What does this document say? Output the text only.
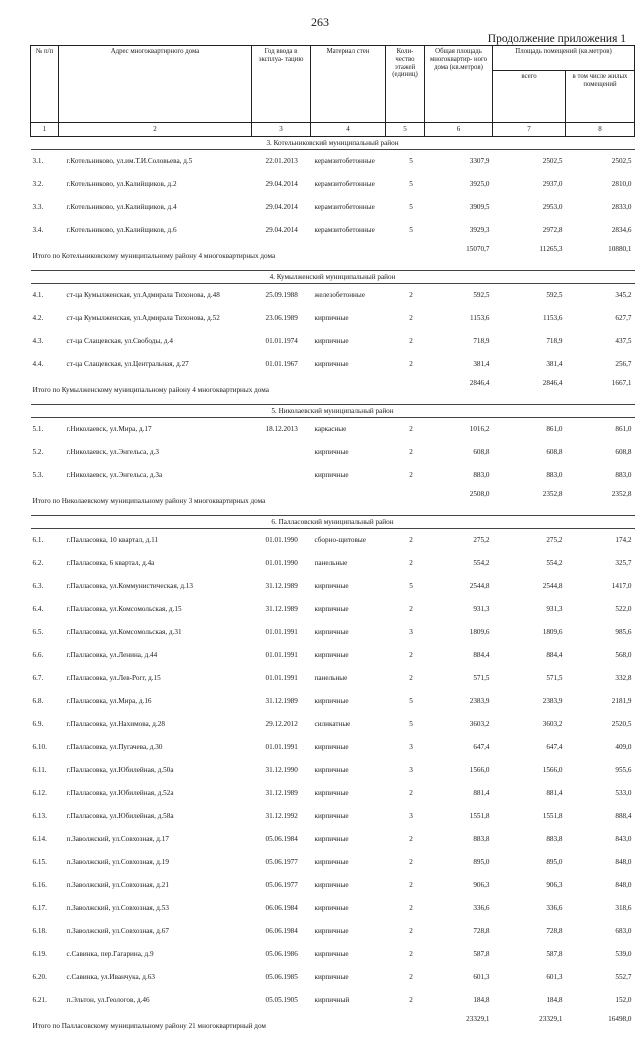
263
Продолжение приложения 1
№ п/п	Адрес многоквартирного дома	Год ввода в эксплуа- тацию	Материал стен	Коли- чество этажей (единиц)	Общая площадь многоквартир- ного дома (кв.метров)	Площадь помещений (кв.метров)	
						всего	в том числе жилых помещений
1	2	3	4	5	6	7	8
3. Котельниковский муниципальный район							
3.1.	г.Котельниково, ул.им.Т.И.Соловьева, д.5	22.01.2013	керамзитобетонные	5	3307,9	2502,5	2502,5
3.2.	г.Котельниково, ул.Калийщиков, д.2	29.04.2014	керамзитобетонные	5	3925,0	2937,0	2810,0
3.3.	г.Котельниково, ул.Калийщиков, д.4	29.04.2014	керамзитобетонные	5	3909,5	2953,0	2833,0
3.4.	г.Котельниково, ул.Калийщиков, д.6	29.04.2014	керамзитобетонные	5	3929,3	2972,8	2834,6
Итого по Котельниковскому муниципальному району 4 многоквартирных дома					15070,7	11265,3	10880,1
4. Кумылженский муниципальный район							
4.1.	ст-ца Кумылженская, ул.Адмирала Тихонова, д.48	25.09.1988	железобетонные	2	592,5	592,5	345,2
4.2.	ст-ца Кумылженская, ул.Адмирала Тихонова, д.52	23.06.1989	кирпичные	2	1153,6	1153,6	627,7
4.3.	ст-ца Слащевская, ул.Свободы, д.4	01.01.1974	кирпичные	2	718,9	718,9	437,5
4.4.	ст-ца Слащевская, ул.Центральная, д.27	01.01.1967	кирпичные	2	381,4	381,4	256,7
Итого по Кумылженскому муниципальному району 4 многоквартирных дома					2846,4	2846,4	1667,1
5. Николаевский муниципальный район							
5.1.	г.Николаевск, ул.Мира, д.17	18.12.2013	каркасные	2	1016,2	861,0	861,0
5.2.	г.Николаевск, ул.Энгельса, д.3		кирпичные	2	608,8	608,8	608,8
5.3.	г.Николаевск, ул.Энгельса, д.3а		кирпичные	2	883,0	883,0	883,0
Итого по Николаевскому муниципальному району 3 многоквартирных дома					2508,0	2352,8	2352,8
6. Палласовский муниципальный район							
6.1.	г.Палласовка, 10 квартал, д.11	01.01.1990	сборно-щитовые	2	275,2	275,2	174,2
6.2.	г.Палласовка, 6 квартал, д.4а	01.01.1990	панельные	2	554,2	554,2	325,7
6.3.	г.Палласовка, ул.Коммунистическая, д.13	31.12.1989	кирпичные	5	2544,8	2544,8	1417,0
6.4.	г.Палласовка, ул.Комсомольская, д.15	31.12.1989	кирпичные	2	931,3	931,3	522,0
6.5.	г.Палласовка, ул.Комсомольская, д.31	01.01.1991	кирпичные	3	1809,6	1809,6	985,6
6.6.	г.Палласовка, ул.Ленина, д.44	01.01.1991	кирпичные	2	884,4	884,4	568,0
6.7.	г.Палласовка, ул.Лев-Рогг, д.15	01.01.1991	панельные	2	571,5	571,5	332,8
6.8.	г.Палласовка, ул.Мира, д.16	31.12.1989	кирпичные	5	2383,9	2383,9	2181,9
6.9.	г.Палласовка, ул.Нахимова, д.28	29.12.2012	силикатные	5	3603,2	3603,2	2520,5
6.10.	г.Палласовка, ул.Пугачева, д.30	01.01.1991	кирпичные	3	647,4	647,4	409,0
6.11.	г.Палласовка, ул.Юбилейная, д.50а	31.12.1990	кирпичные	3	1566,0	1566,0	955,6
6.12.	г.Палласовка, ул.Юбилейная, д.52а	31.12.1989	кирпичные	2	881,4	881,4	533,0
6.13.	г.Палласовка, ул.Юбилейная, д.58а	31.12.1992	кирпичные	3	1551,8	1551,8	888,4
6.14.	п.Заволжский, ул.Совхозная, д.17	05.06.1984	кирпичные	2	883,8	883,8	843,0
6.15.	п.Заволжский, ул.Совхозная, д.19	05.06.1977	кирпичные	2	895,0	895,0	848,0
6.16.	п.Заволжский, ул.Совхозная, д.21	05.06.1977	кирпичные	2	906,3	906,3	848,0
6.17.	п.Заволжский, ул.Совхозная, д.53	06.06.1984	кирпичные	2	336,6	336,6	318,6
6.18.	п.Заволжский, ул.Совхозная, д.67	06.06.1984	кирпичные	2	728,8	728,8	683,0
6.19.	с.Савинка, пер.Гагарина, д.9	05.06.1986	кирпичные	2	587,8	587,8	539,0
6.20.	с.Савинка, ул.Иванчука, д.63	05.06.1985	кирпичные	2	601,3	601,3	552,7
6.21.	п.Эльтон, ул.Геологов, д.46	05.05.1905	кирпичный	2	184,8	184,8	152,0
Итого по Палласовскому муниципальному району 21 многоквартирный дом					23329,1	23329,1	16498,0
